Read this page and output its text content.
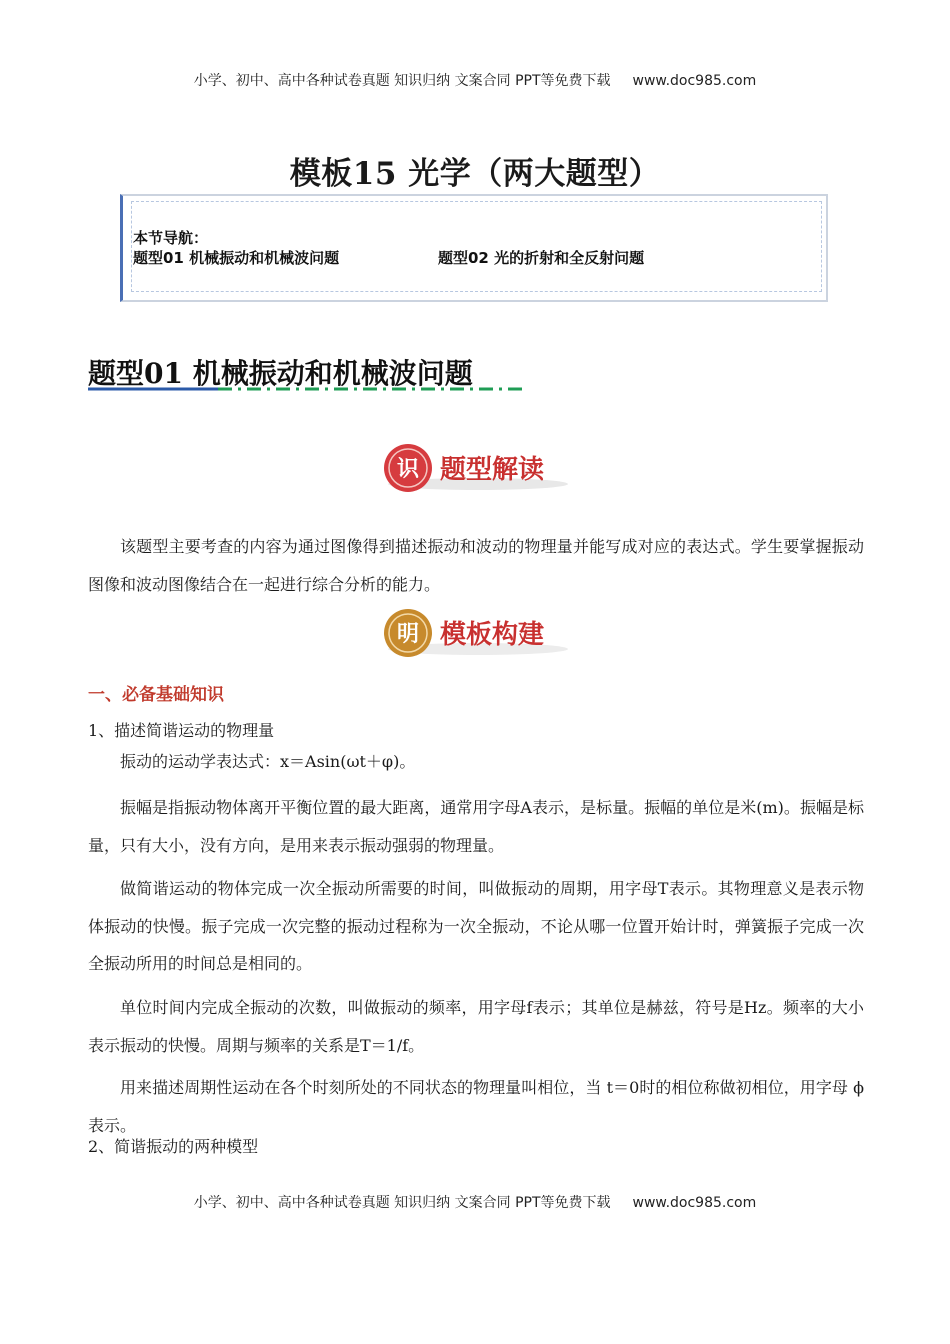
小学、初中、高中各种试卷真题 知识归纳 文案合同 PPT等免费下载 www.doc985.com
模板15 光学（两大题型）
本节导航：
题型01 机械振动和机械波问题	题型02 光的折射和全反射问题
题型01 机械振动和机械波问题
识 题型解读
该题型主要考查的内容为通过图像得到描述振动和波动的物理量并能写成对应的表达式。学生要掌握振动图像和波动图像结合在一起进行综合分析的能力。
明 模板构建
一、必备基础知识
1、描述简谐运动的物理量
振动的运动学表达式：x＝Asin(ωt＋φ)。
振幅是指振动物体离开平衡位置的最大距离，通常用字母A表示，是标量。振幅的单位是米(m)。振幅是标量，只有大小，没有方向，是用来表示振动强弱的物理量。
做简谐运动的物体完成一次全振动所需要的时间，叫做振动的周期，用字母T表示。其物理意义是表示物体振动的快慢。振子完成一次完整的振动过程称为一次全振动，不论从哪一位置开始计时，弹簧振子完成一次全振动所用的时间总是相同的。
单位时间内完成全振动的次数，叫做振动的频率，用字母f表示；其单位是赫兹，符号是Hz。频率的大小表示振动的快慢。周期与频率的关系是T＝1/f。
用来描述周期性运动在各个时刻所处的不同状态的物理量叫相位，当 t＝0时的相位称做初相位，用字母 ϕ 表示。
2、简谐振动的两种模型
小学、初中、高中各种试卷真题 知识归纳 文案合同 PPT等免费下载 www.doc985.com
